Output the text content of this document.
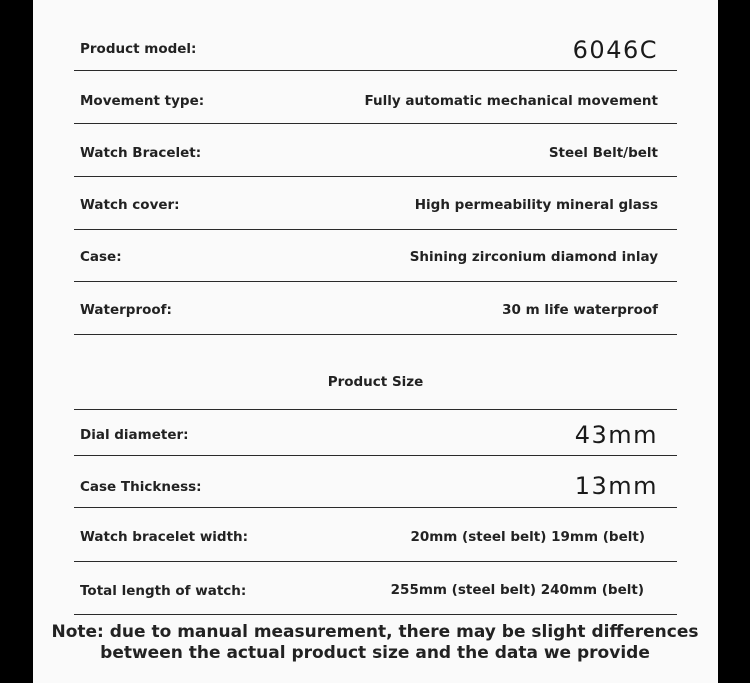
Product model:	6046C
Movement type:	Fully automatic mechanical movement
Watch Bracelet:	Steel Belt/belt
Watch cover:	High permeability mineral glass
Case:	Shining zirconium diamond inlay
Waterproof:	30 m life waterproof
Product Size
Dial diameter:	43mm
Case Thickness:	13mm
Watch bracelet width:	20mm (steel belt) 19mm (belt)
Total length of watch:	255mm (steel belt) 240mm (belt)
Note: due to manual measurement, there may be slight differences
between the actual product size and the data we provide
